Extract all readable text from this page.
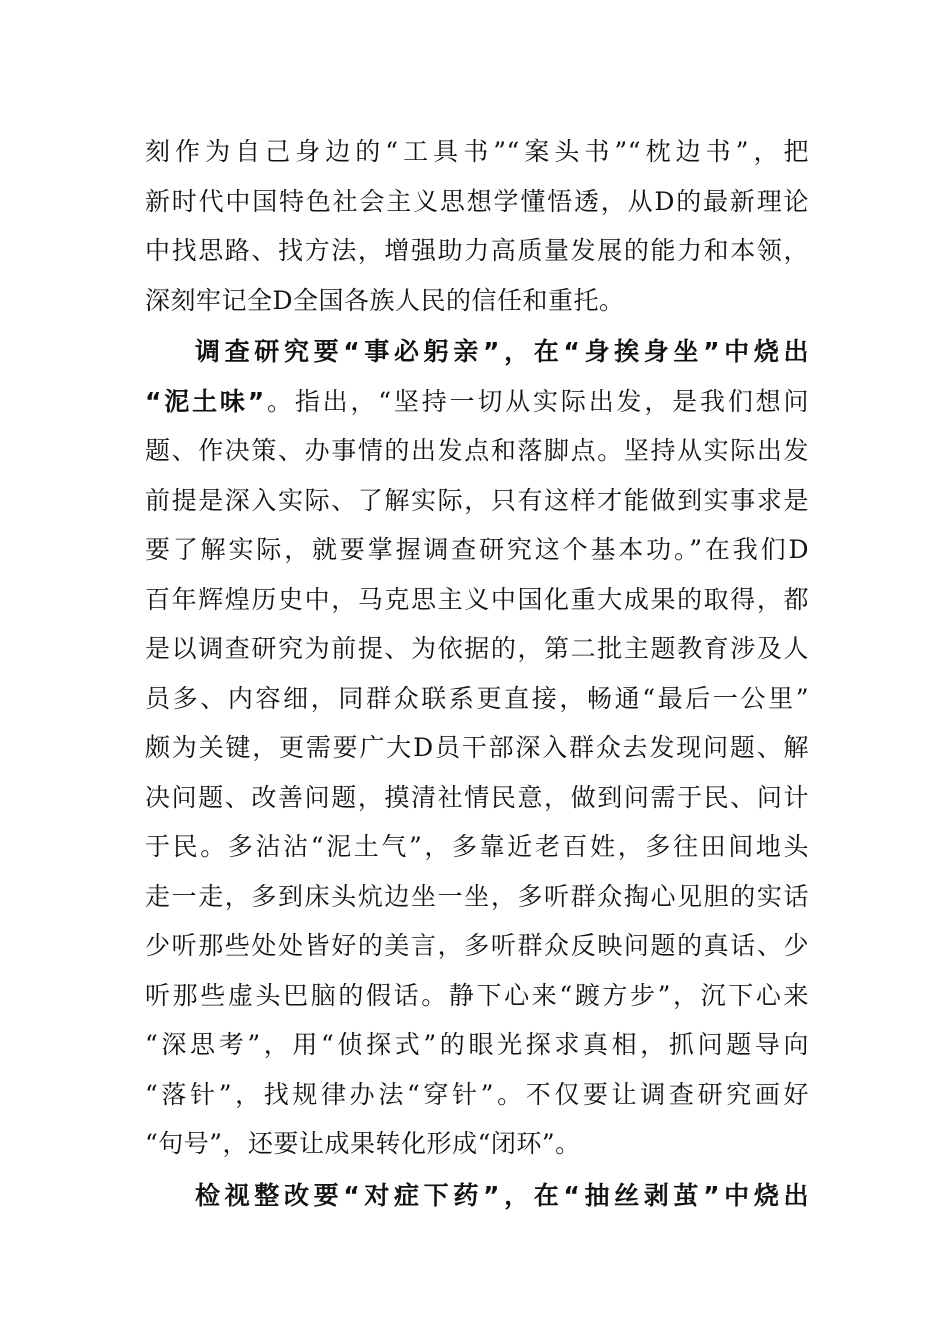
刻作为自己身边的“工具书”“案头书”“枕边书”，把
新时代中国特色社会主义思想学懂悟透，从D的最新理论
中找思路、找方法，增强助力高质量发展的能力和本领，
深刻牢记全D全国各族人民的信任和重托。
调查研究要“事必躬亲”，在“身挨身坐”中烧出
“泥土味”。指出，“坚持一切从实际出发，是我们想问
题、作决策、办事情的出发点和落脚点。坚持从实际出发
前提是深入实际、了解实际，只有这样才能做到实事求是
要了解实际，就要掌握调查研究这个基本功。”在我们D
百年辉煌历史中，马克思主义中国化重大成果的取得，都
是以调查研究为前提、为依据的，第二批主题教育涉及人
员多、内容细，同群众联系更直接，畅通“最后一公里”
颇为关键，更需要广大D员干部深入群众去发现问题、解
决问题、改善问题，摸清社情民意，做到问需于民、问计
于民。多沾沾“泥土气”，多靠近老百姓，多往田间地头
走一走，多到床头炕边坐一坐，多听群众掏心见胆的实话
少听那些处处皆好的美言，多听群众反映问题的真话、少
听那些虚头巴脑的假话。静下心来“踱方步”，沉下心来
“深思考”，用“侦探式”的眼光探求真相，抓问题导向
“落针”，找规律办法“穿针”。不仅要让调查研究画好
“句号”，还要让成果转化形成“闭环”。
检视整改要“对症下药”，在“抽丝剥茧”中烧出
